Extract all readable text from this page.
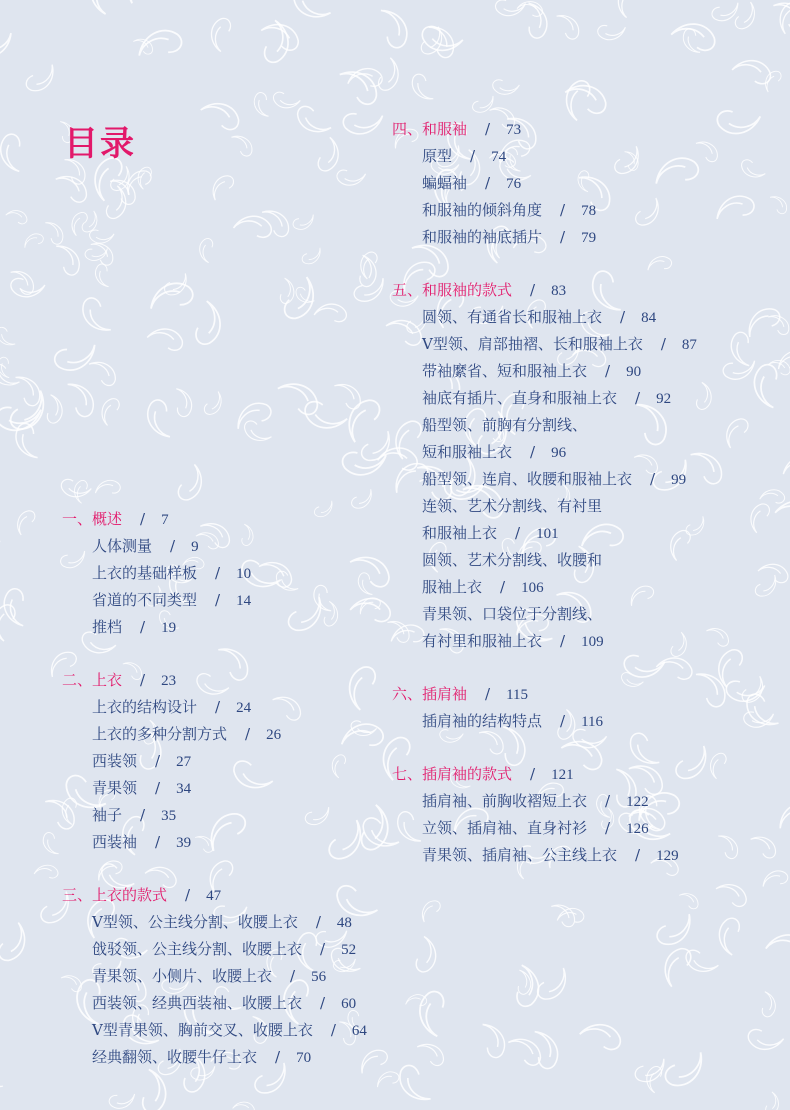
目录
一、概述 / 7
人体测量 / 9
上衣的基础样板 / 10
省道的不同类型 / 14
推档 / 19
二、上衣 / 23
上衣的结构设计 / 24
上衣的多种分割方式 / 26
西装领 / 27
青果领 / 34
袖子 / 35
西装袖 / 39
三、上衣的款式 / 47
V型领、公主线分割、收腰上衣 / 48
戗驳领、公主线分割、收腰上衣 / 52
青果领、小侧片、收腰上衣 / 56
西装领、经典西装袖、收腰上衣 / 60
V型青果领、胸前交叉、收腰上衣 / 64
经典翻领、收腰牛仔上衣 / 70
四、和服袖 / 73
原型 / 74
蝙蝠袖 / 76
和服袖的倾斜角度 / 78
和服袖的袖底插片 / 79
五、和服袖的款式 / 83
圆领、有通省长和服袖上衣 / 84
V型领、肩部抽褶、长和服袖上衣 / 87
带袖縻省、短和服袖上衣 / 90
袖底有插片、直身和服袖上衣 / 92
船型领、前胸有分割线、
短和服袖上衣 / 96
船型领、连肩、收腰和服袖上衣 / 99
连领、艺术分割线、有衬里
和服袖上衣 / 101
圆领、艺术分割线、收腰和
服袖上衣 / 106
青果领、口袋位于分割线、
有衬里和服袖上衣 / 109
六、插肩袖 / 115
插肩袖的结构特点 / 116
七、插肩袖的款式 / 121
插肩袖、前胸收褶短上衣 / 122
立领、插肩袖、直身衬衫 / 126
青果领、插肩袖、公主线上衣 / 129
